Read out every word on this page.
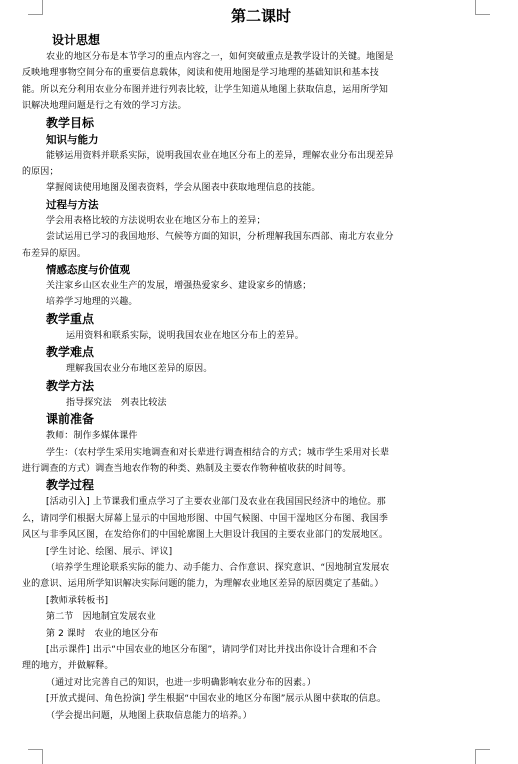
第二课时
设计思想

农业的地区分布是本节学习的重点内容之一，如何突破重点是教学设计的关键。地图是

反映地理事物空间分布的重要信息载体，阅读和使用地图是学习地理的基础知识和基本技

能。所以充分利用农业分布图并进行列表比较，让学生知道从地图上获取信息，运用所学知

识解决地理问题是行之有效的学习方法。

教学目标
知识与能力

能够运用资料并联系实际，说明我国农业在地区分布上的差异，理解农业分布出现差异

的原因；

掌握阅读使用地图及图表资料，学会从图表中获取地理信息的技能。

过程与方法

学会用表格比较的方法说明农业在地区分布上的差异；

尝试运用已学习的我国地形、气候等方面的知识，分析理解我国东西部、南北方农业分

布差异的原因。

情感态度与价值观

关注家乡山区农业生产的发展，增强热爱家乡、建设家乡的情感；

培养学习地理的兴趣。

教学重点

运用资料和联系实际，说明我国农业在地区分布上的差异。

教学难点

理解我国农业分布地区差异的原因。

教学方法

指导探究法　列表比较法

课前准备

教师：制作多媒体课件

学生：（农村学生采用实地调查和对长辈进行调查相结合的方式；城市学生采用对长辈

进行调查的方式）调查当地农作物的种类、熟制及主要农作物种植收获的时间等。

教学过程

[活动引入] 上节课我们重点学习了主要农业部门及农业在我国国民经济中的地位。那

么，请同学们根据大屏幕上显示的中国地形图、中国气候图、中国干湿地区分布图、我国季

风区与非季风区图，在发给你们的中国轮廓图上大胆设计我国的主要农业部门的发展地区。

[学生讨论、绘图、展示、评议]

（培养学生理论联系实际的能力、动手能力、合作意识、探究意识、“因地制宜发展农

业的意识、运用所学知识解决实际问题的能力，为理解农业地区差异的原因奠定了基础。）

[教师承转板书]

第二节　因地制宜发展农业

第 2 课时　农业的地区分布

[出示课件] 出示“中国农业的地区分布图”，请同学们对比并找出你设计合理和不合

理的地方，并做解释。

（通过对比完善自己的知识，也进一步明确影响农业分布的因素。）

[开放式提问、角色扮演] 学生根据“中国农业的地区分布图”展示从图中获取的信息。

（学会提出问题，从地图上获取信息能力的培养。）
